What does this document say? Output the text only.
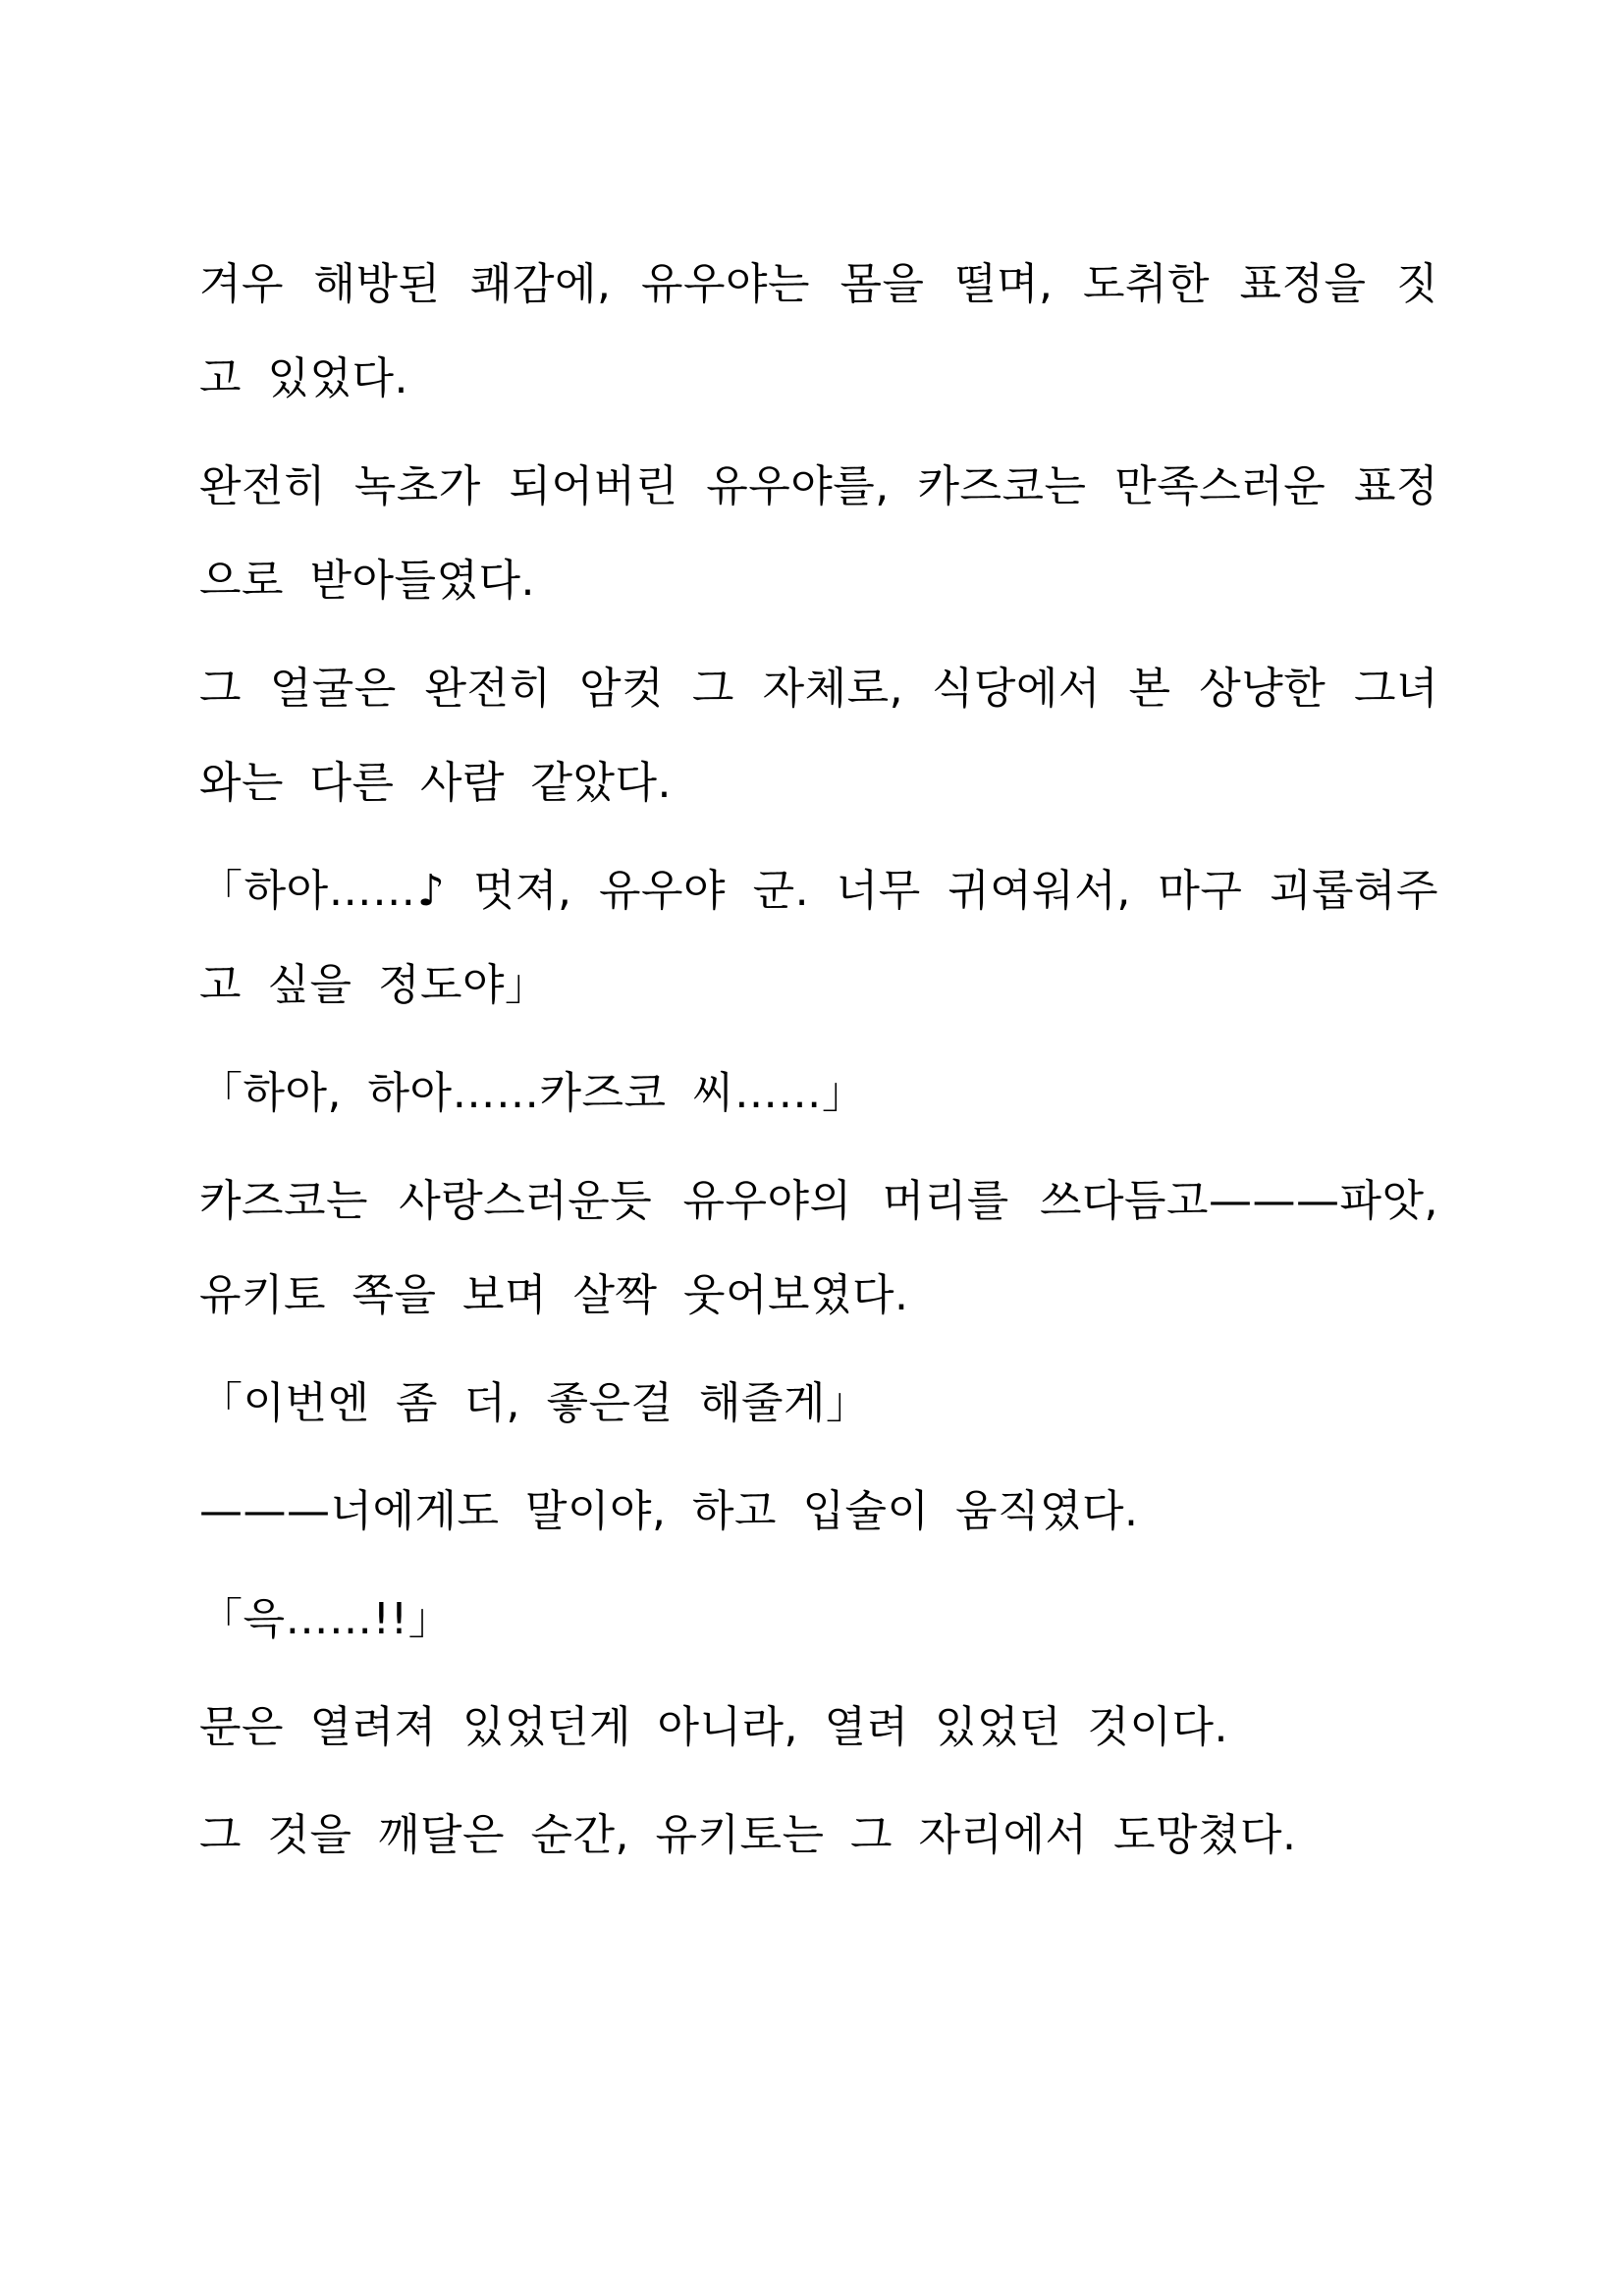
겨우 해방된 쾌감에, 유우야는 몸을 떨며, 도취한 표정을 짓고 있었다.

완전히 녹초가 되어버린 유우야를, 카즈코는 만족스러운 표정으로 받아들였다.

그 얼굴은 완전히 암컷 그 자체로, 식당에서 본 상냥한 그녀와는 다른 사람 같았다.

「하아……♪ 멋져, 유우야 군. 너무 귀여워서, 마구 괴롭혀주고 싶을 정도야」

「하아, 하아……카즈코 씨……」

카즈코는 사랑스러운듯 유우야의 머리를 쓰다듬고———파앗, 유키토 쪽을 보며 살짝 웃어보였다.

「이번엔 좀 더, 좋은걸 해줄게」

———너에게도 말이야, 하고 입술이 움직였다.

「윽……!!」

문은 열려져 있었던게 아니라, 열려 있었던 것이다.

그 것을 깨달은 순간, 유키토는 그 자리에서 도망쳤다.
